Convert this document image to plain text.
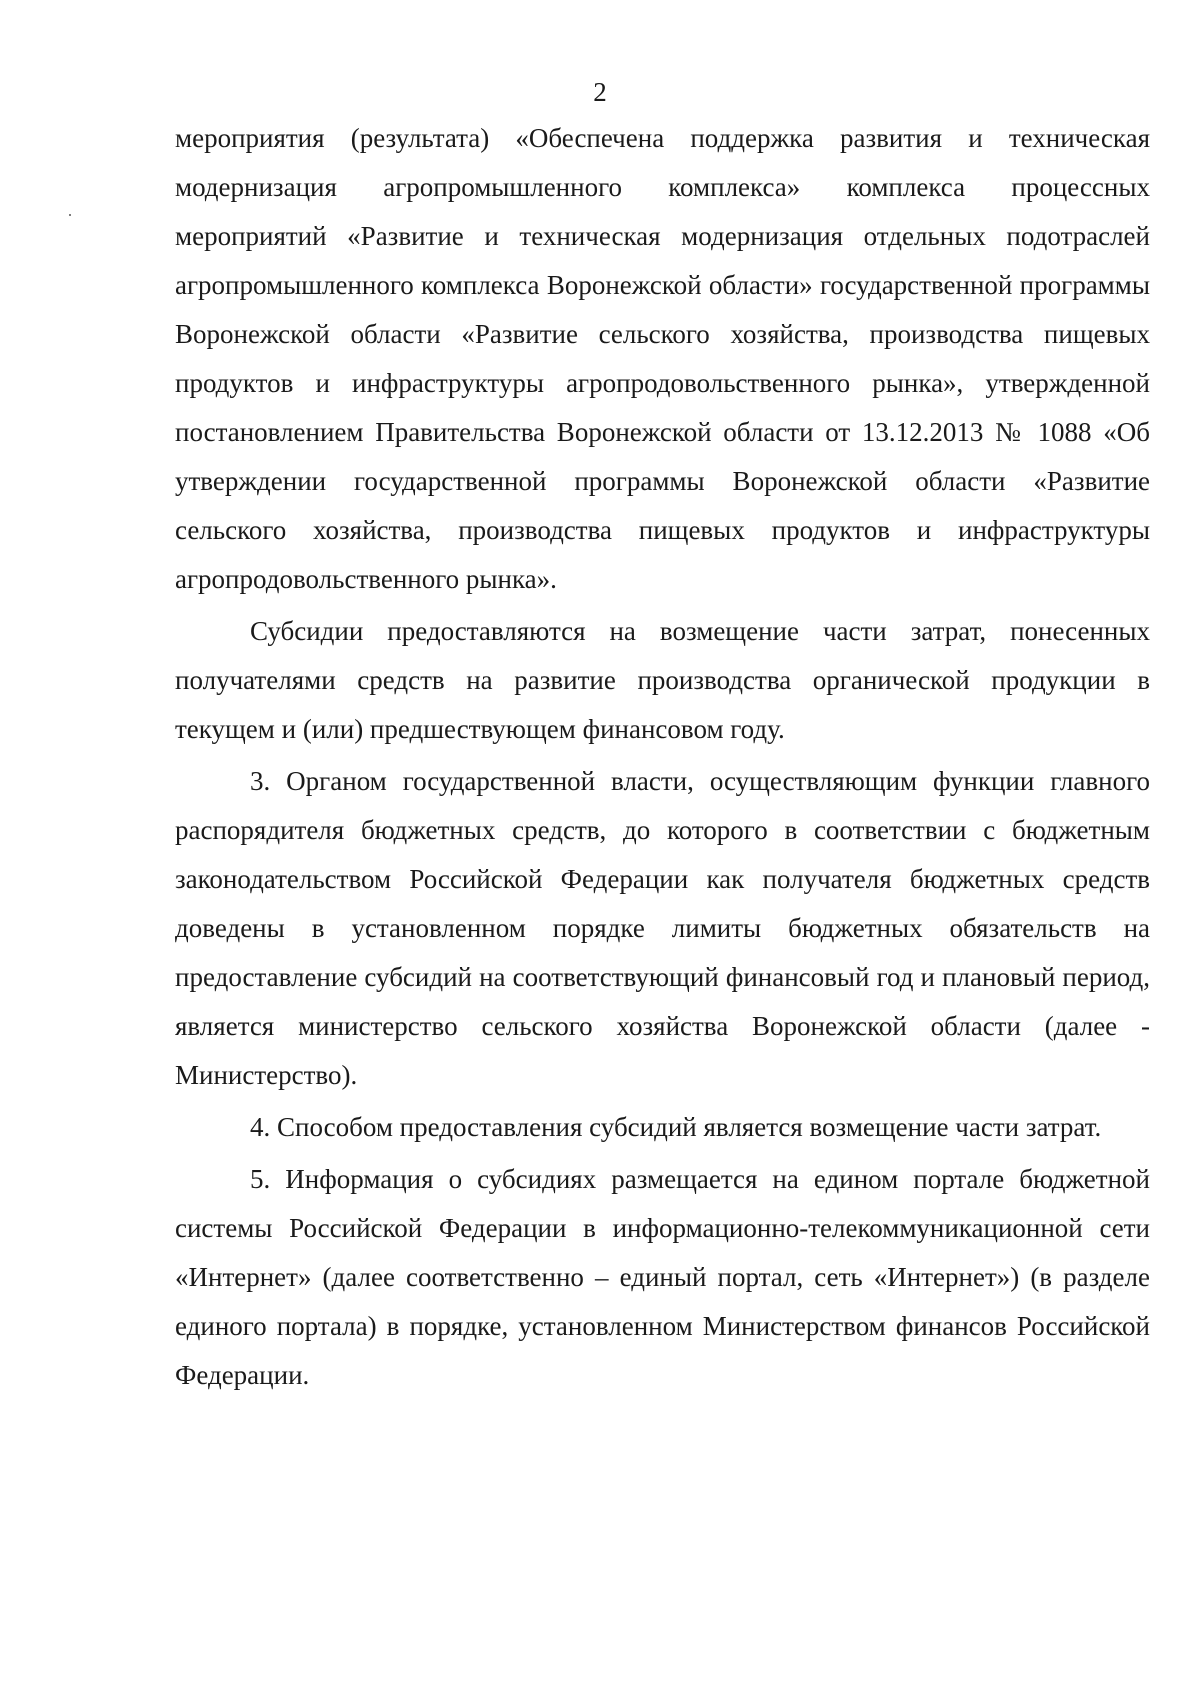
2

мероприятия (результата) «Обеспечена поддержка развития и техническая модернизация агропромышленного комплекса» комплекса процессных мероприятий «Развитие и техническая модернизация отдельных подотраслей агропромышленного комплекса Воронежской области» государственной программы Воронежской области «Развитие сельского хозяйства, производства пищевых продуктов и инфраструктуры агропродовольственного рынка», утвержденной постановлением Правительства Воронежской области от 13.12.2013 № 1088 «Об утверждении государственной программы Воронежской области «Развитие сельского хозяйства, производства пищевых продуктов и инфраструктуры агропродовольственного рынка».

Субсидии предоставляются на возмещение части затрат, понесенных получателями средств на развитие производства органической продукции в текущем и (или) предшествующем финансовом году.

3. Органом государственной власти, осуществляющим функции главного распорядителя бюджетных средств, до которого в соответствии с бюджетным законодательством Российской Федерации как получателя бюджетных средств доведены в установленном порядке лимиты бюджетных обязательств на предоставление субсидий на соответствующий финансовый год и плановый период, является министерство сельского хозяйства Воронежской области (далее - Министерство).

4. Способом предоставления субсидий является возмещение части затрат.

5. Информация о субсидиях размещается на едином портале бюджетной системы Российской Федерации в информационно-телекоммуникационной сети «Интернет» (далее соответственно – единый портал, сеть «Интернет») (в разделе единого портала) в порядке, установленном Министерством финансов Российской Федерации.
